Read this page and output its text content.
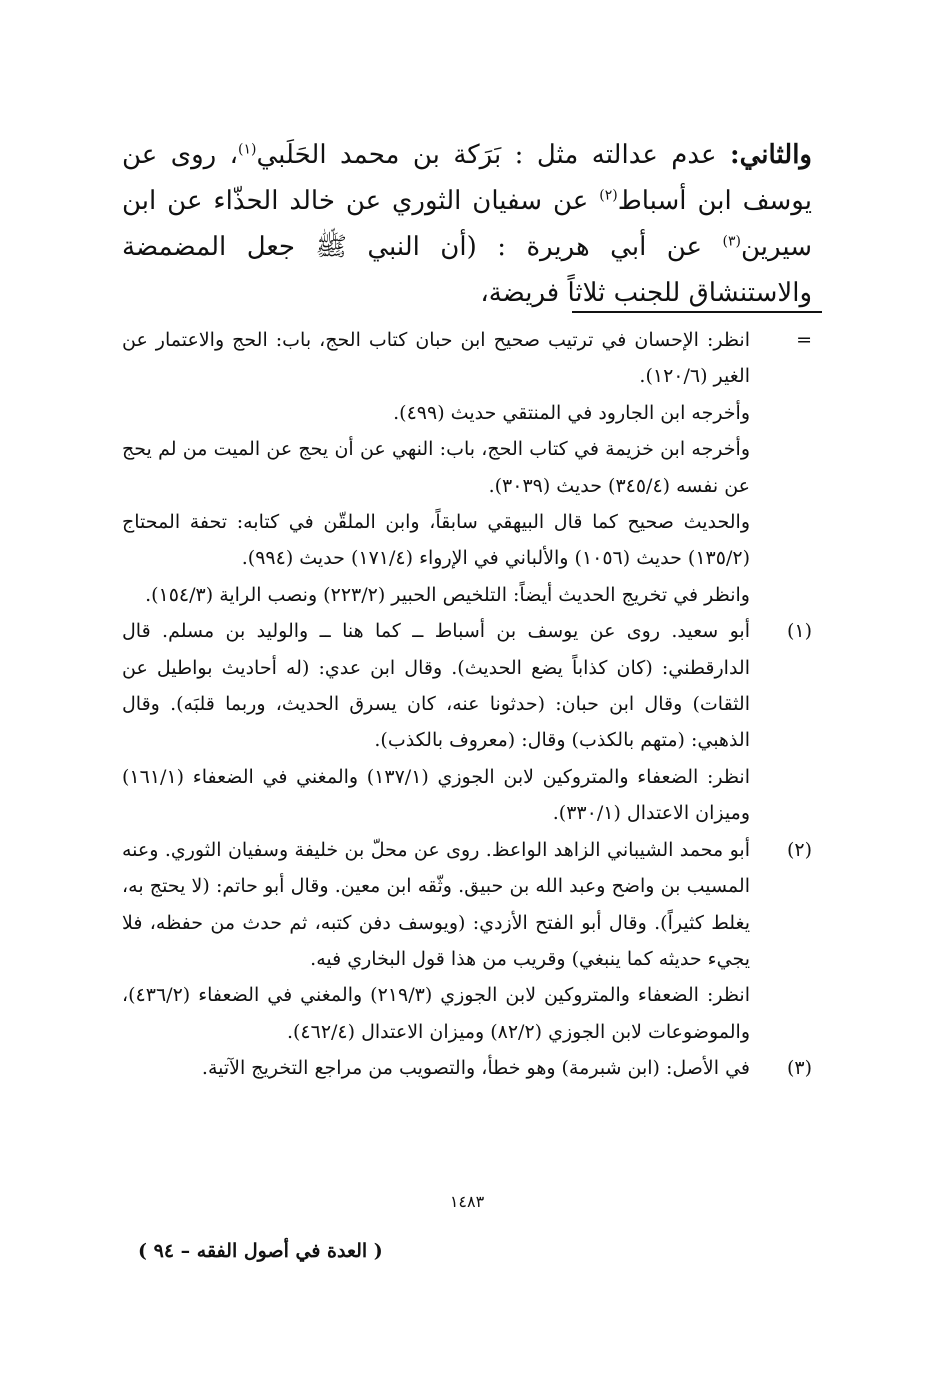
والثاني: عدم عدالته مثل : بَرَكة بن محمد الحَلَبي$^{(١)}$، روى عن يوسف ابن أسباط$^{(٢)}$ عن سفيان الثوري عن خالد الحذّاء عن ابن سيرين$^{(٣)}$ عن أبي هريرة : (أن النبي ﷺ جعل المضمضة والاستنشاق للجنب ثلاثاً فريضة،
=

انظر: الإحسان في ترتيب صحيح ابن حبان كتاب الحج، باب: الحج والاعتمار عن الغير (١٢٠/٦).

وأخرجه ابن الجارود في المنتقي حديث (٤٩٩).

وأخرجه ابن خزيمة في كتاب الحج، باب: النهي عن أن يحج عن الميت من لم يحج عن نفسه (٣٤٥/٤) حديث (٣٠٣٩).

والحديث صحيح كما قال البيهقي سابقاً، وابن الملقّن في كتابه: تحفة المحتاج (١٣٥/٢) حديث (١٠٥٦) والألباني في الإرواء (١٧١/٤) حديث (٩٩٤).

وانظر في تخريج الحديث أيضاً: التلخيص الحبير (٢٢٣/٢) ونصب الراية (١٥٤/٣).

(١)

أبو سعيد. روى عن يوسف بن أسباط ــ كما هنا ــ والوليد بن مسلم. قال الدارقطني: (كان كذاباً يضع الحديث). وقال ابن عدي: (له أحاديث بواطيل عن الثقات) وقال ابن حبان: (حدثونا عنه، كان يسرق الحديث، وربما قلبَه). وقال الذهبي: (متهم بالكذب) وقال: (معروف بالكذب).

انظر: الضعفاء والمتروكين لابن الجوزي (١٣٧/١) والمغني في الضعفاء (١٦١/١) وميزان الاعتدال (٣٣٠/١).

(٢)

أبو محمد الشيباني الزاهد الواعظ. روى عن محلّ بن خليفة وسفيان الثوري. وعنه المسيب بن واضح وعبد الله بن حبيق. وثّقه ابن معين. وقال أبو حاتم: (لا يحتج به، يغلط كثيراً). وقال أبو الفتح الأزدي: (ويوسف دفن كتبه، ثم حدث من حفظه، فلا يجيء حديثه كما ينبغي) وقريب من هذا قول البخاري فيه.

انظر: الضعفاء والمتروكين لابن الجوزي (٢١٩/٣) والمغني في الضعفاء (٤٣٦/٢)، والموضوعات لابن الجوزي (٨٢/٢) وميزان الاعتدال (٤٦٢/٤).

(٣)

في الأصل: (ابن شبرمة) وهو خطأ، والتصويب من مراجع التخريج الآتية.

١٤٨٣
( العدة في أصول الفقه – ٩٤ )
